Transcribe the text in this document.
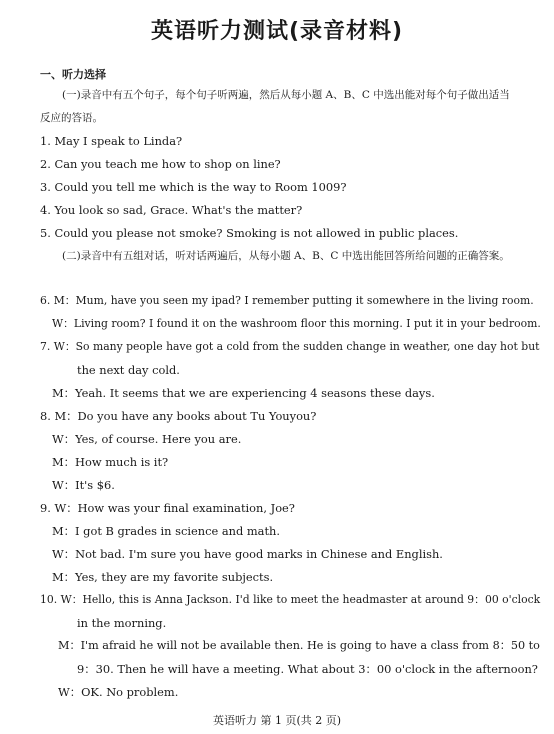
英语听力测试(录音材料)
一、听力选择
(一)录音中有五个句子，每个句子听两遍，然后从每小题 A、B、C 中选出能对每个句子做出适当反应的答语。
1. May I speak to Linda?
2. Can you teach me how to shop on line?
3. Could you tell me which is the way to Room 1009?
4. You look so sad, Grace. What's the matter?
5. Could you please not smoke? Smoking is not allowed in public places.
(二)录音中有五组对话，听对话两遍后，从每小题 A、B、C 中选出能回答所给问题的正确答案。
6. M：Mum, have you seen my ipad? I remember putting it somewhere in the living room.
W：Living room? I found it on the washroom floor this morning. I put it in your bedroom.
7. W：So many people have got a cold from the sudden change in weather, one day hot but
the next day cold.
M：Yeah. It seems that we are experiencing 4 seasons these days.
8. M：Do you have any books about Tu Youyou?
W：Yes, of course. Here you are.
M：How much is it?
W：It's $6.
9. W：How was your final examination, Joe?
M：I got B grades in science and math.
W：Not bad. I'm sure you have good marks in Chinese and English.
M：Yes, they are my favorite subjects.
10. W：Hello, this is Anna Jackson. I'd like to meet the headmaster at around 9：00 o'clock
in the morning.
M：I'm afraid he will not be available then. He is going to have a class from 8：50 to
9：30. Then he will have a meeting. What about 3：00 o'clock in the afternoon?
W：OK. No problem.
英语听力 第 1 页(共 2 页)
